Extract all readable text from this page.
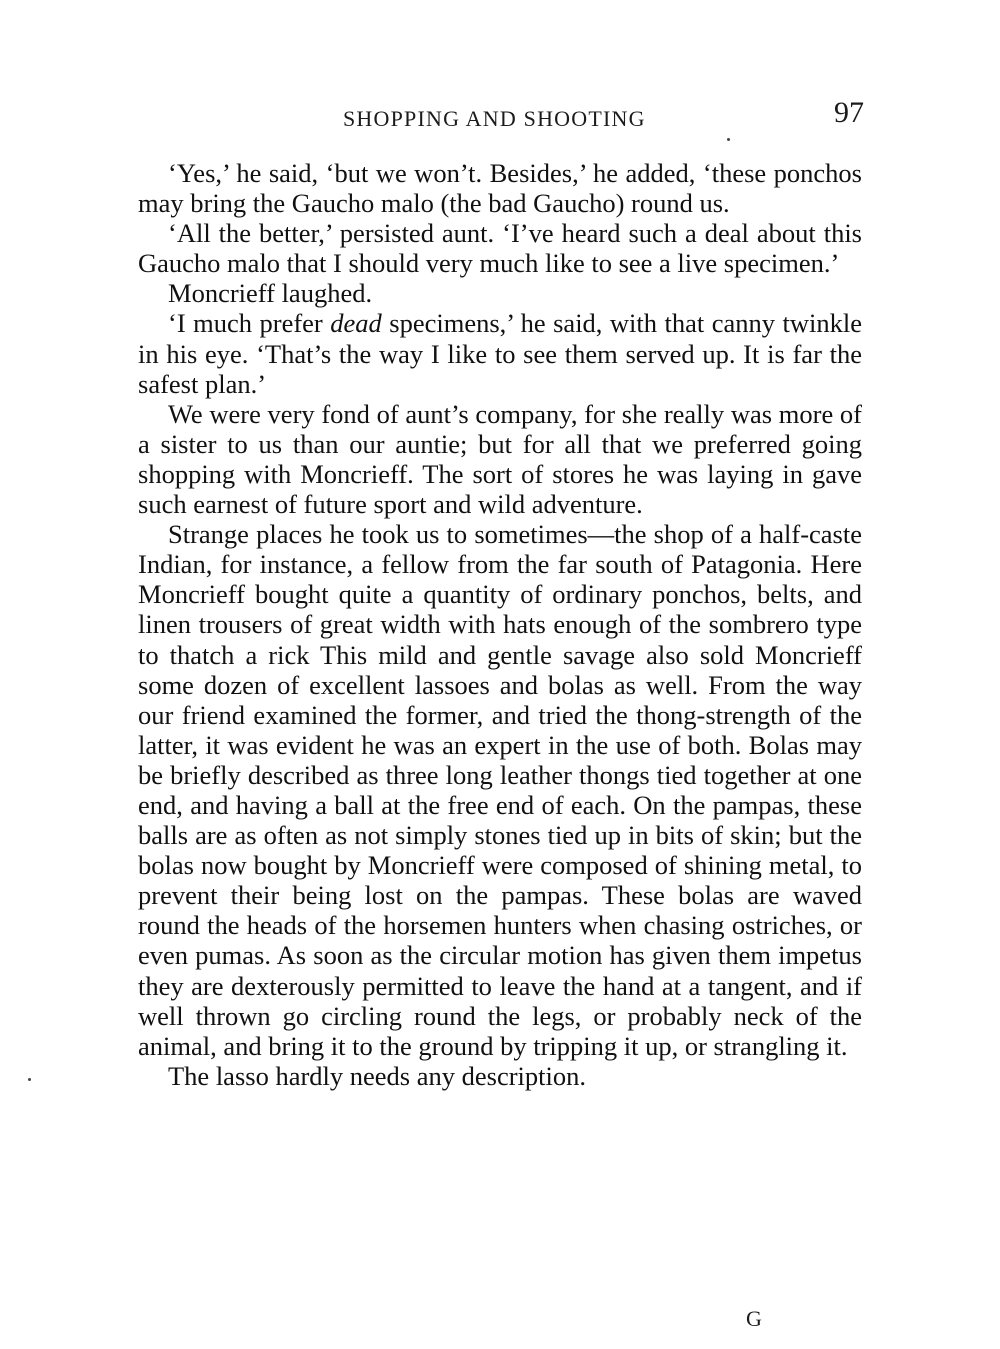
SHOPPING AND SHOOTING	97

‘Yes,’ he said, ‘but we won’t. Besides,’ he added, ‘these ponchos may bring the Gaucho malo (the bad Gaucho) round us.

‘All the better,’ persisted aunt. ‘I’ve heard such a deal about this Gaucho malo that I should very much like to see a live specimen.’

Moncrieff laughed.

‘I much prefer dead specimens,’ he said, with that canny twinkle in his eye. ‘That’s the way I like to see them served up. It is far the safest plan.’

We were very fond of aunt’s company, for she really was more of a sister to us than our auntie; but for all that we preferred going shopping with Moncrieff. The sort of stores he was laying in gave such earnest of future sport and wild adventure.

Strange places he took us to sometimes—the shop of a half-caste Indian, for instance, a fellow from the far south of Patagonia. Here Moncrieff bought quite a quantity of ordinary ponchos, belts, and linen trousers of great width with hats enough of the sombrero type to thatch a rick This mild and gentle savage also sold Moncrieff some dozen of excellent lassoes and bolas as well. From the way our friend examined the former, and tried the thong-strength of the latter, it was evident he was an expert in the use of both. Bolas may be briefly described as three long leather thongs tied together at one end, and having a ball at the free end of each. On the pampas, these balls are as often as not simply stones tied up in bits of skin; but the bolas now bought by Moncrieff were composed of shining metal, to prevent their being lost on the pampas. These bolas are waved round the heads of the horsemen hunters when chasing ostriches, or even pumas. As soon as the circular motion has given them impetus they are dexterously permitted to leave the hand at a tangent, and if well thrown go circling round the legs, or probably neck of the animal, and bring it to the ground by tripping it up, or strangling it.

The lasso hardly needs any description.

G
